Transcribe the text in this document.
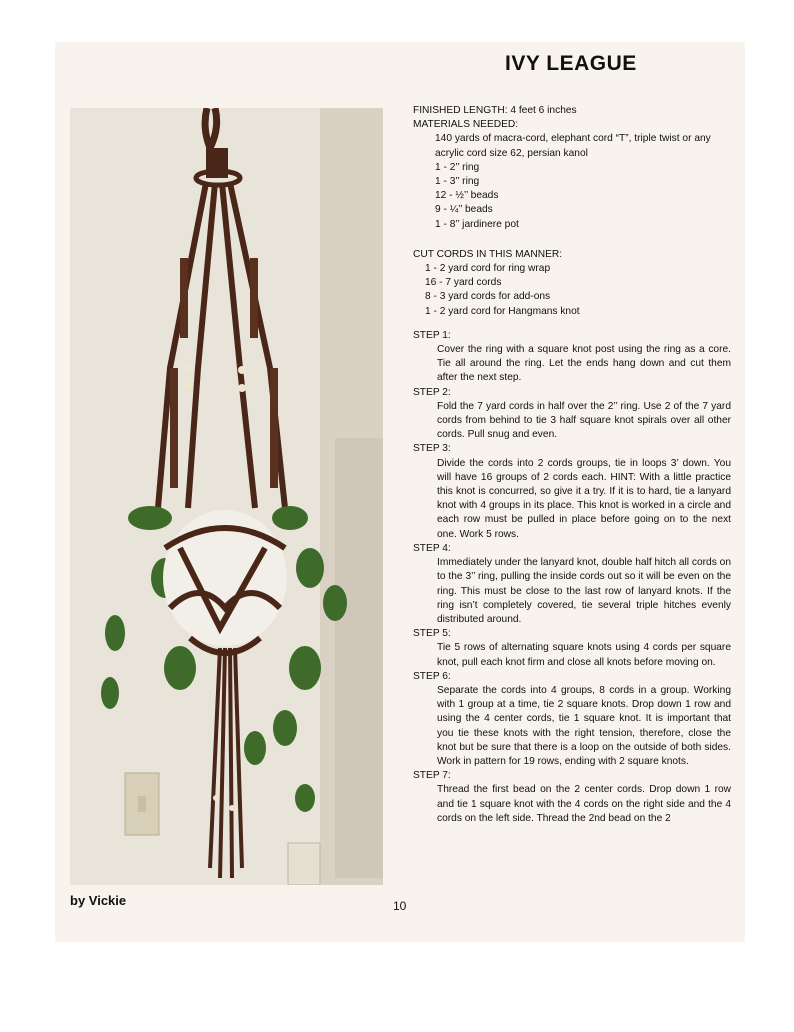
IVY LEAGUE

FINISHED LENGTH: 4 feet 6 inches

MATERIALS NEEDED:

140 yards of macra-cord, elephant cord “T”, triple twist or any acrylic cord size 62, persian kanol

1 - 2’’ ring

1 - 3’’ ring

12 - ½’’ beads

9 - ¼’’ beads

1 - 8’’ jardinere pot

CUT CORDS IN THIS MANNER:

1 - 2 yard cord for ring wrap

16 - 7 yard cords

8 - 3 yard cords for add-ons

1 - 2 yard cord for Hangmans knot

STEP 1:

Cover the ring with a square knot post using the ring as a core. Tie all around the ring. Let the ends hang down and cut them after the next step.

STEP 2:

Fold the 7 yard cords in half over the 2’’ ring. Use 2 of the 7 yard cords from behind to tie 3 half square knot spirals over all other cords. Pull snug and even.

STEP 3:

Divide the cords into 2 cords groups, tie in loops 3’ down. You will have 16 groups of 2 cords each. HINT: With a little practice this knot is concurred, so give it a try. If it is to hard, tie a lanyard knot with 4 groups in its place. This knot is worked in a circle and each row must be pulled in place before going on to the next one. Work 5 rows.

STEP 4:

Immediately under the lanyard knot, double half hitch all cords on to the 3’’ ring, pulling the inside cords out so it will be even on the ring. This must be close to the last row of lanyard knots. If the ring isn’t completely covered, tie several triple hitches evenly distributed around.

STEP 5:

Tie 5 rows of alternating square knots using 4 cords per square knot, pull each knot firm and close all knots before moving on.

STEP 6:

Separate the cords into 4 groups, 8 cords in a group. Working with 1 group at a time, tie 2 square knots. Drop down 1 row and using the 4 center cords, tie 1 square knot. It is important that you tie these knots with the right tension, therefore, close the knot but be sure that there is a loop on the outside of both sides. Work in pattern for 19 rows, ending with 2 square knots.

STEP 7:

Thread the first bead on the 2 center cords. Drop down 1 row and tie 1 square knot with the 4 cords on the right side and the 4 cords on the left side. Thread the 2nd bead on the 2

by Vickie	10
